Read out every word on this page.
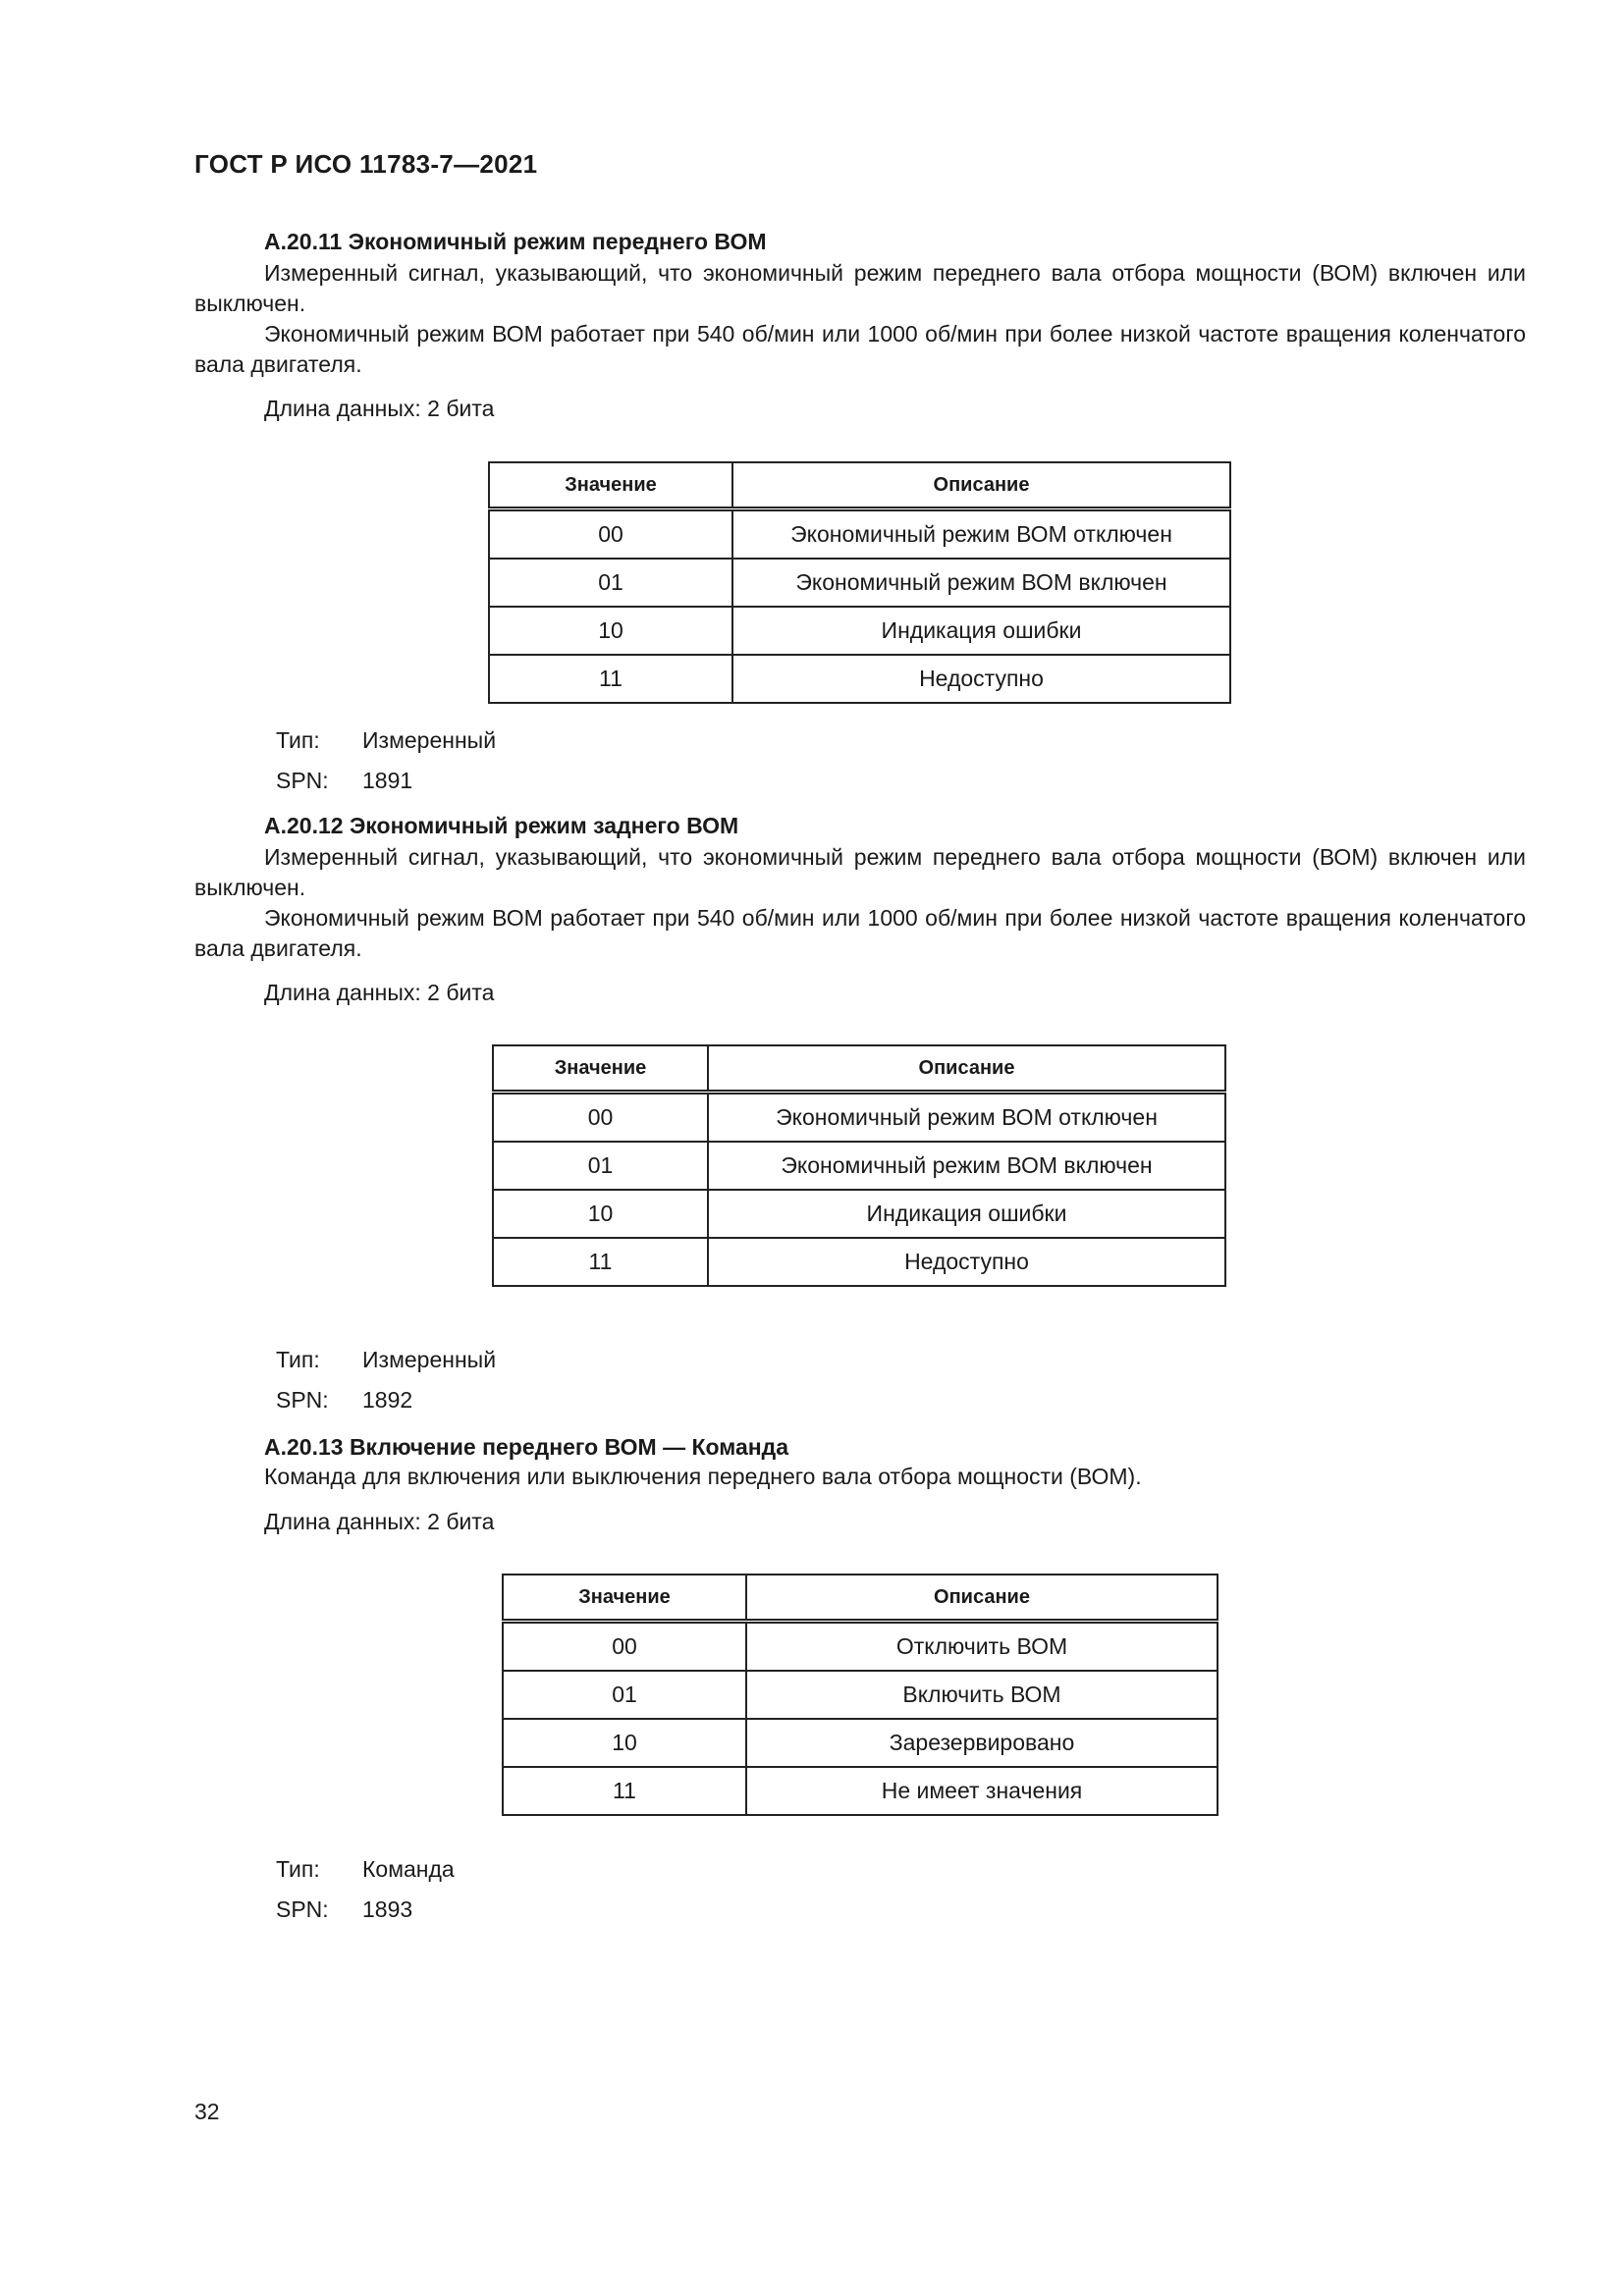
ГОСТ Р ИСО 11783-7—2021
A.20.11 Экономичный режим переднего ВОМ

Измеренный сигнал, указывающий, что экономичный режим переднего вала отбора мощности (ВОМ) включен или выключен.

Экономичный режим ВОМ работает при 540 об/мин или 1000 об/мин при более низкой частоте вращения коленчатого вала двигателя.

Длина данных: 2 бита
Значение	Описание
00	Экономичный режим ВОМ отключен
01	Экономичный режим ВОМ включен
10	Индикация ошибки
11	Недоступно
Тип:	Измеренный
SPN:	1891
A.20.12 Экономичный режим заднего ВОМ

Измеренный сигнал, указывающий, что экономичный режим переднего вала отбора мощности (ВОМ) включен или выключен.

Экономичный режим ВОМ работает при 540 об/мин или 1000 об/мин при более низкой частоте вращения коленчатого вала двигателя.

Длина данных: 2 бита
Значение	Описание
00	Экономичный режим ВОМ отключен
01	Экономичный режим ВОМ включен
10	Индикация ошибки
11	Недоступно
Тип:	Измеренный
SPN:	1892
A.20.13 Включение переднего ВОМ — Команда
Команда для включения или выключения переднего вала отбора мощности (ВОМ).
Длина данных: 2 бита
Значение	Описание
00	Отключить ВОМ
01	Включить ВОМ
10	Зарезервировано
11	Не имеет значения
Тип:	Команда
SPN:	1893
32
